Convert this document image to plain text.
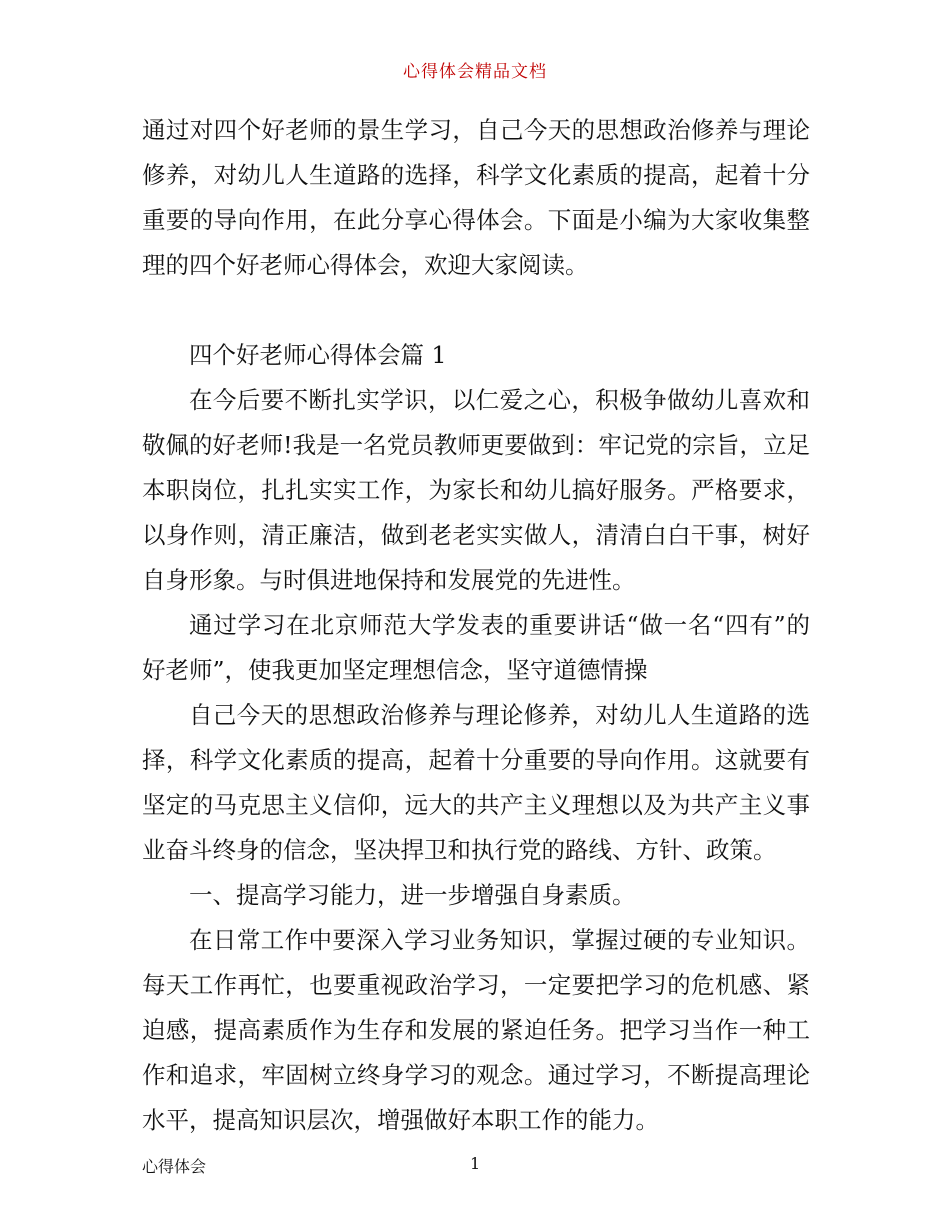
心得体会精品文档

通过对四个好老师的景生学习，自己今天的思想政治修养与理论修养，对幼儿人生道路的选择，科学文化素质的提高，起着十分重要的导向作用，在此分享心得体会。下面是小编为大家收集整理的四个好老师心得体会，欢迎大家阅读。

四个好老师心得体会篇 1

在今后要不断扎实学识，以仁爱之心，积极争做幼儿喜欢和敬佩的好老师!我是一名党员教师更要做到：牢记党的宗旨，立足本职岗位，扎扎实实工作，为家长和幼儿搞好服务。严格要求，以身作则，清正廉洁，做到老老实实做人，清清白白干事，树好自身形象。与时俱进地保持和发展党的先进性。

通过学习在北京师范大学发表的重要讲话“做一名“四有”的好老师”，使我更加坚定理想信念，坚守道德情操

自己今天的思想政治修养与理论修养，对幼儿人生道路的选择，科学文化素质的提高，起着十分重要的导向作用。这就要有坚定的马克思主义信仰，远大的共产主义理想以及为共产主义事业奋斗终身的信念，坚决捍卫和执行党的路线、方针、政策。

一、提高学习能力，进一步增强自身素质。

在日常工作中要深入学习业务知识，掌握过硬的专业知识。每天工作再忙，也要重视政治学习，一定要把学习的危机感、紧迫感，提高素质作为生存和发展的紧迫任务。把学习当作一种工作和追求，牢固树立终身学习的观念。通过学习，不断提高理论水平，提高知识层次，增强做好本职工作的能力。

心得体会	1
